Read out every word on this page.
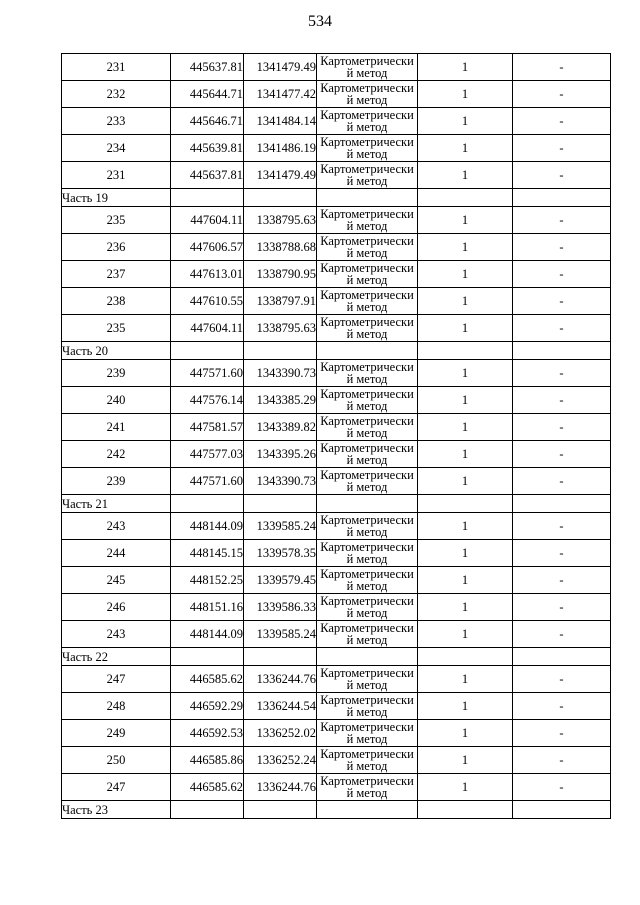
534
231	445637.81	1341479.49	Картометрически
й метод	1	-
232	445644.71	1341477.42	Картометрически
й метод	1	-
233	445646.71	1341484.14	Картометрически
й метод	1	-
234	445639.81	1341486.19	Картометрически
й метод	1	-
231	445637.81	1341479.49	Картометрически
й метод	1	-
Часть 19					
235	447604.11	1338795.63	Картометрически
й метод	1	-
236	447606.57	1338788.68	Картометрически
й метод	1	-
237	447613.01	1338790.95	Картометрически
й метод	1	-
238	447610.55	1338797.91	Картометрически
й метод	1	-
235	447604.11	1338795.63	Картометрически
й метод	1	-
Часть 20					
239	447571.60	1343390.73	Картометрически
й метод	1	-
240	447576.14	1343385.29	Картометрически
й метод	1	-
241	447581.57	1343389.82	Картометрически
й метод	1	-
242	447577.03	1343395.26	Картометрически
й метод	1	-
239	447571.60	1343390.73	Картометрически
й метод	1	-
Часть 21					
243	448144.09	1339585.24	Картометрически
й метод	1	-
244	448145.15	1339578.35	Картометрически
й метод	1	-
245	448152.25	1339579.45	Картометрически
й метод	1	-
246	448151.16	1339586.33	Картометрически
й метод	1	-
243	448144.09	1339585.24	Картометрически
й метод	1	-
Часть 22					
247	446585.62	1336244.76	Картометрически
й метод	1	-
248	446592.29	1336244.54	Картометрически
й метод	1	-
249	446592.53	1336252.02	Картометрически
й метод	1	-
250	446585.86	1336252.24	Картометрически
й метод	1	-
247	446585.62	1336244.76	Картометрически
й метод	1	-
Часть 23					
